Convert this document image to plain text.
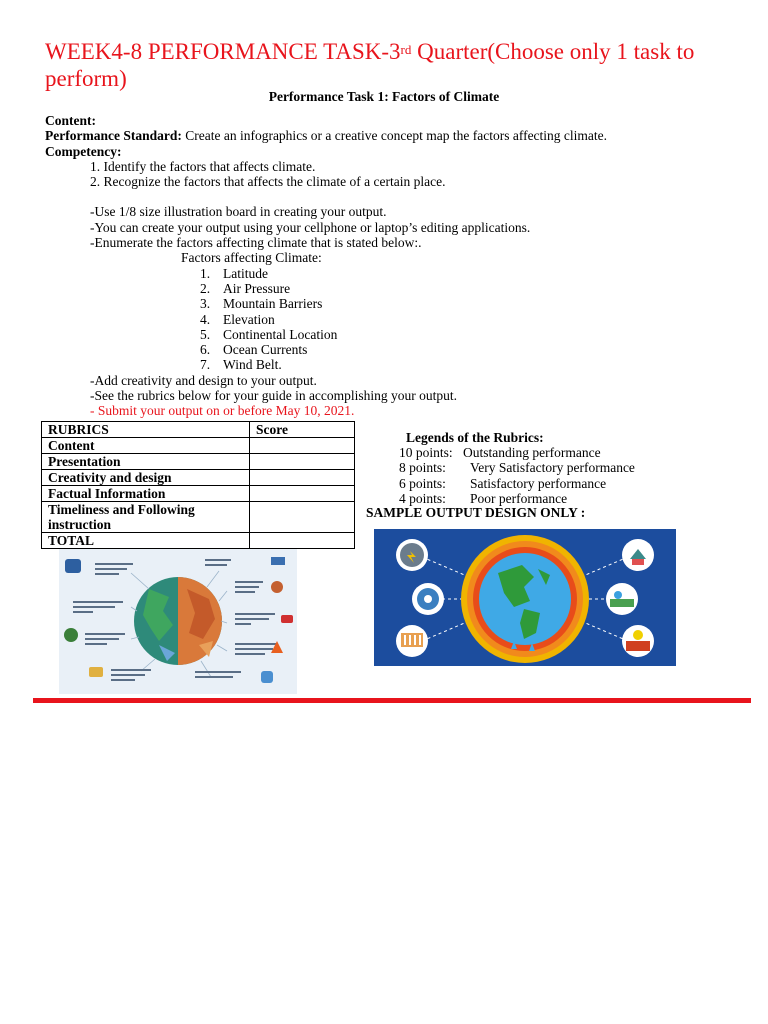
WEEK4-8 PERFORMANCE TASK-3rd Quarter(Choose only 1 task to perform)
Performance Task 1: Factors of Climate
Content:
Performance Standard: Create an infographics or a creative concept map the factors affecting climate.
Competency:
1. Identify the factors that affects climate.
2. Recognize the factors that affects the climate of a certain place.
-Use 1/8 size illustration board in creating your output.
-You can create your output using your cellphone or laptop’s editing applications.
-Enumerate the factors affecting climate that is stated below:.
Factors affecting Climate:
1. Latitude
2. Air Pressure
3. Mountain Barriers
4. Elevation
5. Continental Location
6. Ocean Currents
7. Wind Belt.
-Add creativity and design to your output.
-See the rubrics below for your guide in accomplishing your output.
- Submit your output on or before May 10, 2021.
RUBRICS	Score
Content	
Presentation	
Creativity and design	
Factual Information	
Timeliness and Following instruction	
TOTAL	
Legends of the Rubrics:
10 points: Outstanding performance
8 points: Very Satisfactory performance
6 points: Satisfactory performance
4 points: Poor performance
SAMPLE OUTPUT DESIGN ONLY :
